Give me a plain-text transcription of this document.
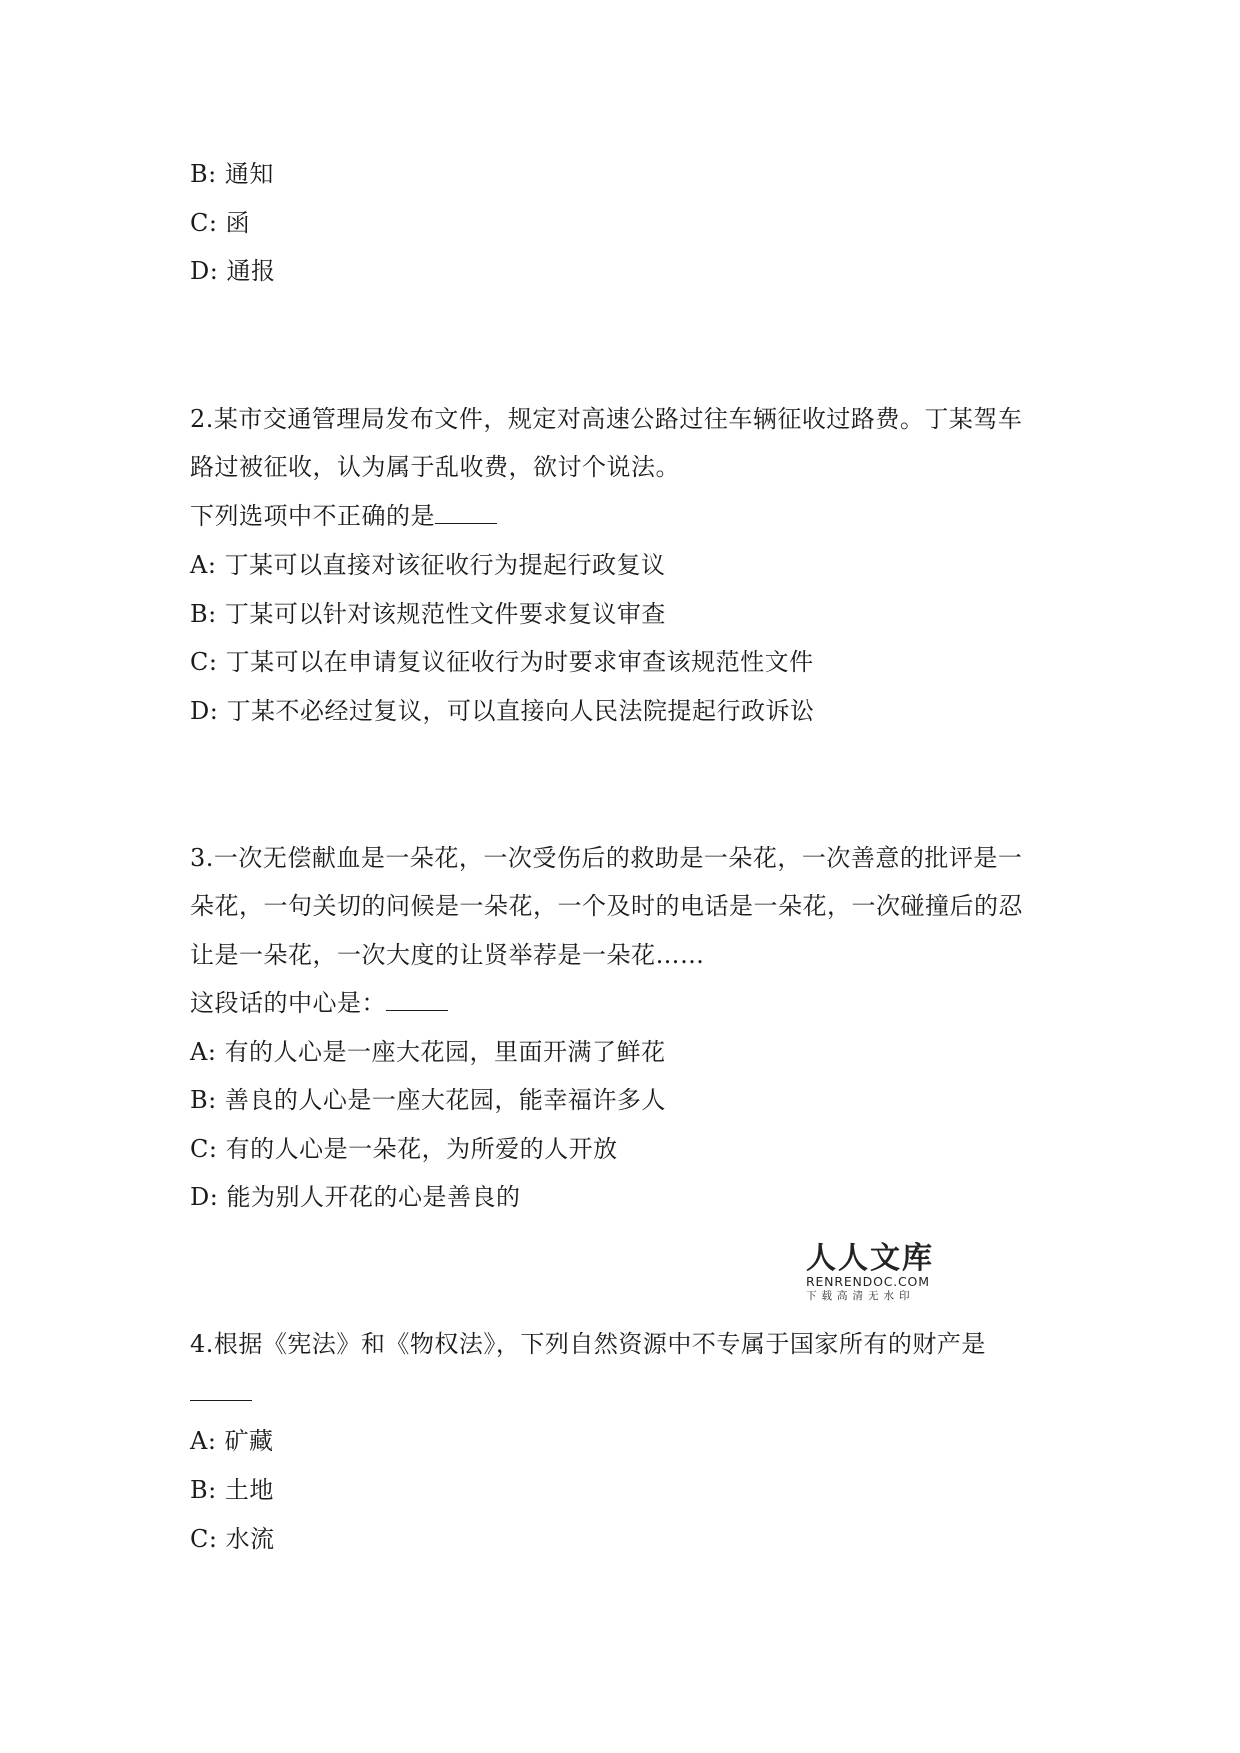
B: 通知
C: 函
D: 通报
2.某市交通管理局发布文件，规定对高速公路过往车辆征收过路费。丁某驾车
路过被征收，认为属于乱收费，欲讨个说法。
下列选项中不正确的是
A: 丁某可以直接对该征收行为提起行政复议
B: 丁某可以针对该规范性文件要求复议审查
C: 丁某可以在申请复议征收行为时要求审查该规范性文件
D: 丁某不必经过复议，可以直接向人民法院提起行政诉讼
3.一次无偿献血是一朵花，一次受伤后的救助是一朵花，一次善意的批评是一
朵花，一句关切的问候是一朵花，一个及时的电话是一朵花，一次碰撞后的忍
让是一朵花，一次大度的让贤举荐是一朵花……
这段话的中心是：
A: 有的人心是一座大花园，里面开满了鲜花
B: 善良的人心是一座大花园，能幸福许多人
C: 有的人心是一朵花，为所爱的人开放
D: 能为别人开花的心是善良的
人人文库
RENRENDOC.COM
下载高清无水印
4.根据《宪法》和《物权法》，下列自然资源中不专属于国家所有的财产是
A: 矿藏
B: 土地
C: 水流
